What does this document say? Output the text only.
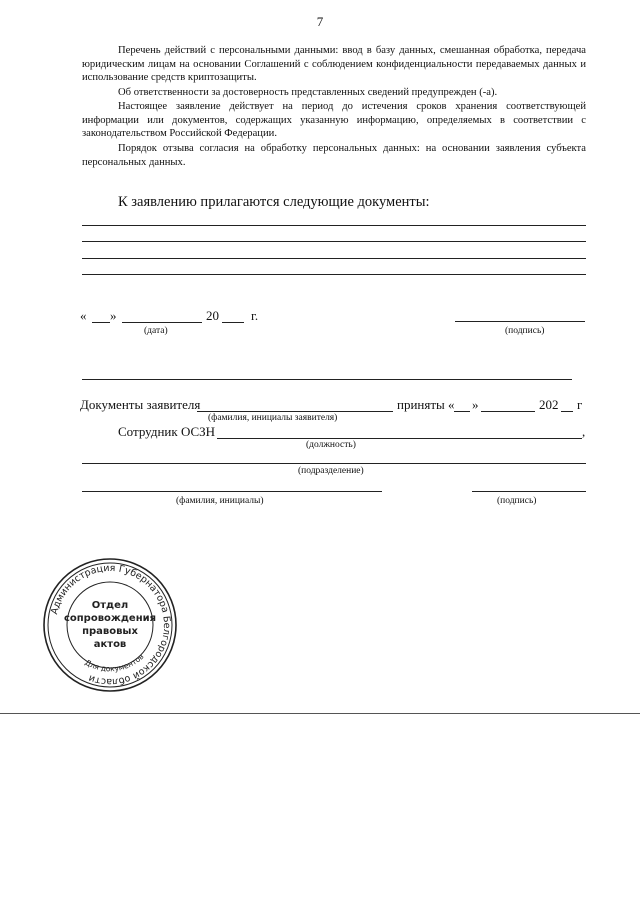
7

Перечень действий с персональными данными: ввод в базу данных, смешанная обработка, передача юридическим лицам на основании Соглашений с соблюдением конфиденциальности передаваемых данных и использование средств криптозащиты.

Об ответственности за достоверность представленных сведений предупрежден (-а).

Настоящее заявление действует на период до истечения сроков хранения соответствующей информации или документов, содержащих указанную информацию, определяемых в соответствии с законодательством Российской Федерации.

Порядок отзыва согласия на обработку персональных данных: на основании заявления субъекта персональных данных.

К заявлению прилагаются следующие документы:
« »	20 г.
(дата)	(подпись)
Документы заявителя	приняты « »	202 г
(фамилия, инициалы заявителя)
Сотрудник ОСЗН	,
(должность)
(подразделение)
(фамилия, инициалы)	(подпись)
Администрация Губернатора Белгородской области
Для документов
Отдел
сопровождения
правовых
актов
